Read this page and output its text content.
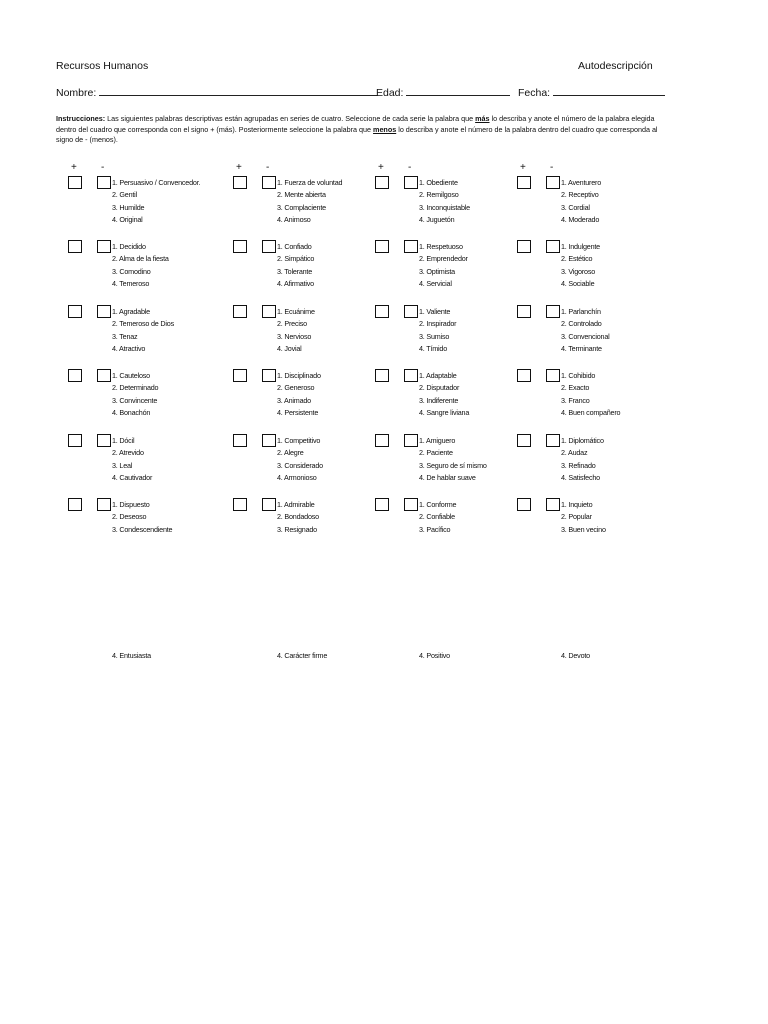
Recursos Humanos	Autodescripción
Nombre:	Edad:	Fecha:
Instrucciones: Las siguientes palabras descriptivas están agrupadas en series de cuatro. Seleccione de cada serie la palabra que más lo describa y anote el número de la palabra elegida dentro del cuadro que corresponda con el signo + (más). Posteriormente seleccione la palabra que menos lo describa y anote el número de la palabra dentro del cuadro que corresponda al signo de - (menos).
+ -	+ -	+ -	+ -
1. Persuasivo / Convencedor.
2. Gentil
3. Humilde
4. Original
1. Fuerza de voluntad
2. Mente abierta
3. Complaciente
4. Animoso
1. Obediente
2. Remilgoso
3. Inconquistable
4. Juguetón
1. Aventurero
2. Receptivo
3. Cordial
4. Moderado
1. Decidido
2. Alma de la fiesta
3. Comodino
4. Temeroso
1. Confiado
2. Simpático
3. Tolerante
4. Afirmativo
1. Respetuoso
2. Emprendedor
3. Optimista
4. Servicial
1. Indulgente
2. Estético
3. Vigoroso
4. Sociable
1. Agradable
2. Temeroso de Dios
3. Tenaz
4. Atractivo
1. Ecuánime
2. Preciso
3. Nervioso
4. Jovial
1. Valiente
2. Inspirador
3. Sumiso
4. Tímido
1. Parlanchín
2. Controlado
3. Convencional
4. Terminante
1. Cauteloso
2. Determinado
3. Convincente
4. Bonachón
1. Disciplinado
2. Generoso
3. Animado
4. Persistente
1. Adaptable
2. Disputador
3. Indiferente
4. Sangre liviana
1. Cohibido
2. Exacto
3. Franco
4. Buen compañero
1. Dócil
2. Atrevido
3. Leal
4. Cautivador
1. Competitivo
2. Alegre
3. Considerado
4. Armonioso
1. Amiguero
2. Paciente
3. Seguro de sí mismo
4. De hablar suave
1. Diplomático
2. Audaz
3. Refinado
4. Satisfecho
1. Dispuesto
2. Deseoso
3. Condescendiente
4. Entusiasta
1. Admirable
2. Bondadoso
3. Resignado
4. Carácter firme
1. Conforme
2. Confiable
3. Pacífico
4. Positivo
1. Inquieto
2. Popular
3. Buen vecino
4. Devoto
